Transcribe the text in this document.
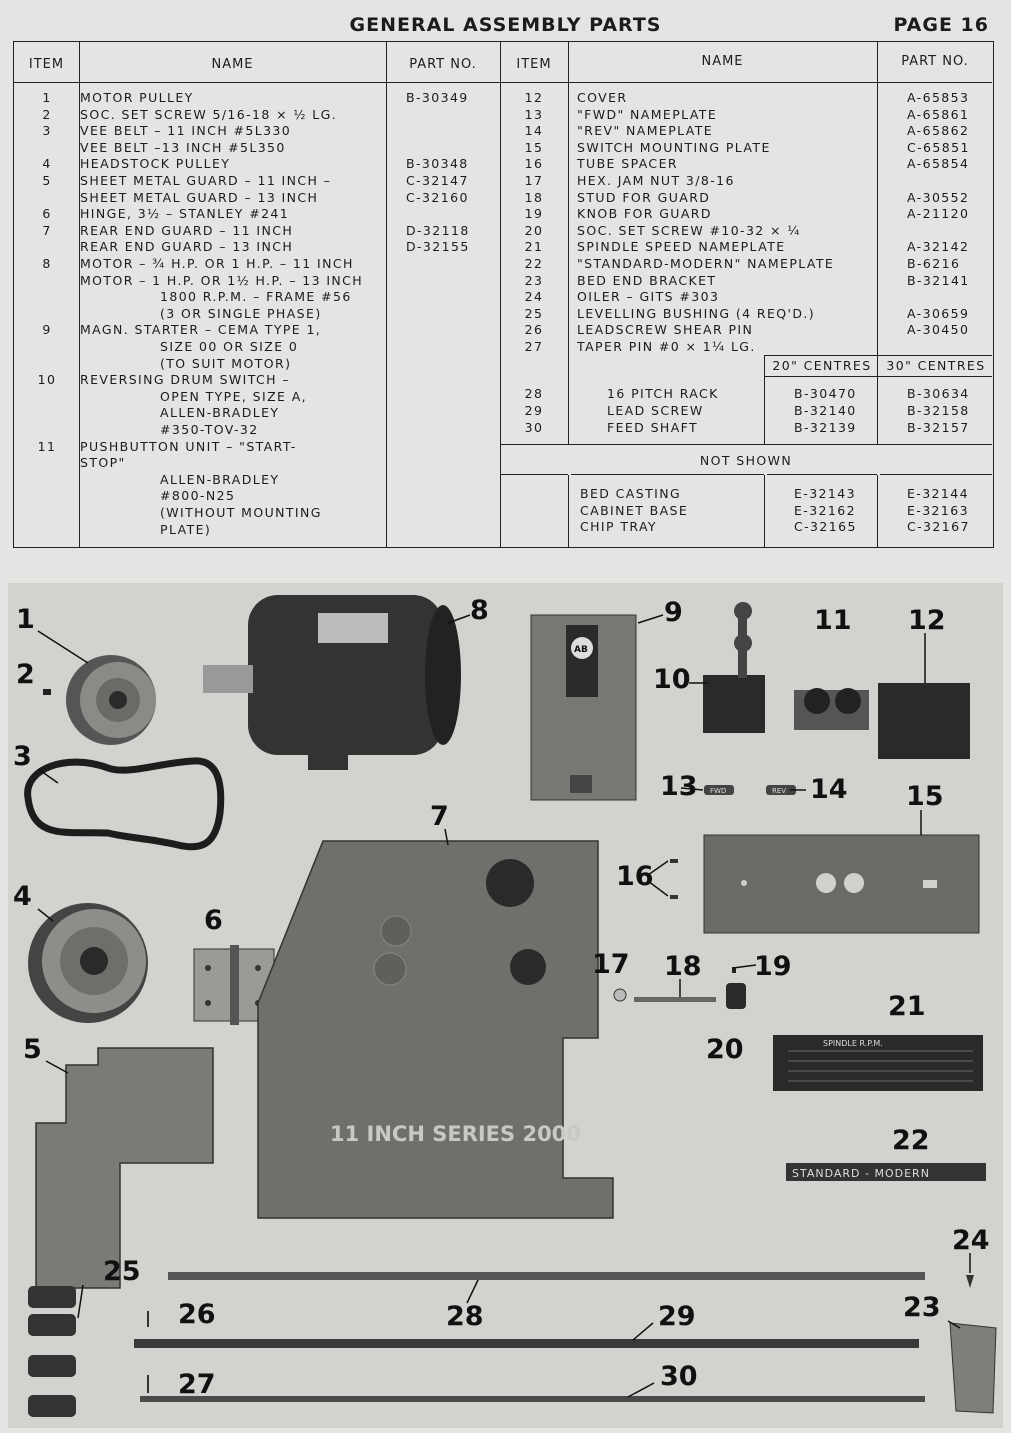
GENERAL ASSEMBLY PARTS	PAGE 16
ITEM	NAME	PART NO.	ITEM	NAME	PART NO.
1	MOTOR PULLEY	B-30349
2	SOC. SET SCREW 5/16-18 × ½ LG.
3	VEE BELT – 11 INCH #5L330
VEE BELT –13 INCH #5L350
4	HEADSTOCK PULLEY	B-30348
5	SHEET METAL GUARD – 11 INCH –	C-32147
SHEET METAL GUARD – 13 INCH	C-32160
6	HINGE, 3½ – STANLEY #241
7	REAR END GUARD – 11 INCH	D-32118
REAR END GUARD – 13 INCH	D-32155
8	MOTOR – ¾ H.P. OR 1 H.P. – 11 INCH
MOTOR – 1 H.P. OR 1½ H.P. – 13 INCH
1800 R.P.M. – FRAME #56
(3 OR SINGLE PHASE)
9	MAGN. STARTER – CEMA TYPE 1,
SIZE 00 OR SIZE 0
(TO SUIT MOTOR)
10	REVERSING DRUM SWITCH –
OPEN TYPE, SIZE A,
ALLEN-BRADLEY
#350-TOV-32
11	PUSHBUTTON UNIT – "START-
STOP"
ALLEN-BRADLEY
#800-N25
(WITHOUT MOUNTING
PLATE)
12	COVER	A-65853
13	"FWD" NAMEPLATE	A-65861
14	"REV" NAMEPLATE	A-65862
15	SWITCH MOUNTING PLATE	C-65851
16	TUBE SPACER	A-65854
17	HEX. JAM NUT 3/8-16
18	STUD FOR GUARD	A-30552
19	KNOB FOR GUARD	A-21120
20	SOC. SET SCREW #10-32 × ¼
21	SPINDLE SPEED NAMEPLATE	A-32142
22	"STANDARD-MODERN" NAMEPLATE	B-6216
23	BED END BRACKET	B-32141
24	OILER – GITS #303
25	LEVELLING BUSHING (4 REQ'D.)	A-30659
26	LEADSCREW SHEAR PIN	A-30450
27	TAPER PIN #0 × 1¼ LG.
20" CENTRES	30" CENTRES
28	16 PITCH RACK	B-30470	B-30634
29	LEAD SCREW	B-32140	B-32158
30	FEED SHAFT	B-32139	B-32157
NOT SHOWN
BED CASTING	E-32143	E-32144
CABINET BASE	E-32162	E-32163
CHIP TRAY	C-32165	C-32167
11 INCH SERIES 2000
AB
FWD	REV
SPINDLE R.P.M.
STANDARD - MODERN
1
2
3
4
5
6
7
8	9
10
11 12
13	14 15
16
17 18 19
20
21
22
23
24
25
26
27
28	29
30
